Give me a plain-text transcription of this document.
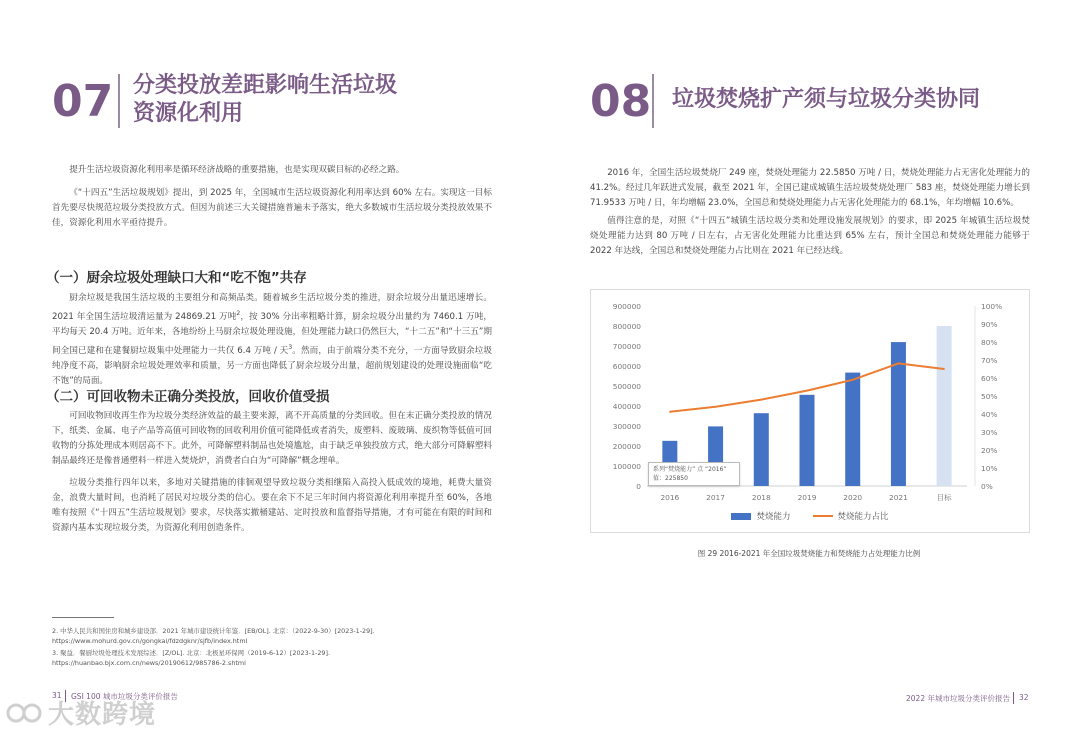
07 分类投放差距影响生活垃圾
资源化利用
提升生活垃圾资源化利用率是循环经济战略的重要措施，也是实现双碳目标的必经之路。
《“十四五”生活垃圾规划》提出，到 2025 年，全国城市生活垃圾资源化利用率达到 60% 左右。实现这一目标首先要尽快规范垃圾分类投放方式。但因为前述三大关键措施普遍未予落实，绝大多数城市生活垃圾分类投放效果不佳，资源化利用水平亟待提升。
（一）厨余垃圾处理缺口大和“吃不饱”共存
厨余垃圾是我国生活垃圾的主要组分和高频品类。随着城乡生活垃圾分类的推进，厨余垃圾分出量迅速增长。2021 年全国生活垃圾清运量为 24869.21 万吨$^2$，按 30% 分出率粗略计算，厨余垃圾分出量约为 7460.1 万吨，平均每天 20.4 万吨。近年来，各地纷纷上马厨余垃圾处理设施，但处理能力缺口仍然巨大，“十二五”和“十三五”期间全国已建和在建餐厨垃圾集中处理能力一共仅 6.4 万吨 / 天$^3$。然而，由于前端分类不充分，一方面导致厨余垃圾纯净度不高，影响厨余垃圾处理效率和质量，另一方面也降低了厨余垃圾分出量，超前规划建设的处理设施面临“吃不饱”的局面。
（二）可回收物未正确分类投放，回收价值受损
可回收物回收再生作为垃圾分类经济效益的最主要来源，离不开高质量的分类回收。但在末正确分类投放的情况下，纸类、金属、电子产品等高值可回收物的回收利用价值可能降低或者消失，废塑料、废玻璃、废织物等低值可回收物的分拣处理成本则居高不下。此外，可降解塑料制品也处境尴尬，由于缺乏单独投放方式，绝大部分可降解塑料制品最终还是像普通塑料一样进入焚烧炉，消费者白白为“可降解”概念埋单。
垃圾分类推行四年以来，多地对关键措施的徘徊观望导致垃圾分类相继陷入高投入低成效的境地，耗费大量资金，浪费大量时间，也消耗了居民对垃圾分类的信心。要在余下不足三年时间内将资源化利用率提升至 60%，各地唯有按照《“十四五”生活垃圾规划》要求，尽快落实撤桶建站、定时投放和监督指导措施，才有可能在有限的时间和资源内基本实现垃圾分类，为资源化利用创造条件。
2. 中华人民共和国住房和城乡建设部．2021 年城市建设统计年鉴．[EB/OL]. 北京：（2022-9-30）[2023-1-29]. https://www.mohurd.gov.cn/gongkai/fdzdgknr/sjfb/index.html
3. 聚益．餐厨垃圾处理技术发展综述．[Z/OL]. 北京：北极星环保网（2019-6-12）[2023-1-29]. https://huanbao.bjx.com.cn/news/20190612/985786-2.shtml
31 GSI 100 城市垃圾分类评价报告
大数跨境
08 垃圾焚烧扩产须与垃圾分类协同
2016 年，全国生活垃圾焚烧厂 249 座，焚烧处理能力 22.5850 万吨 / 日，焚烧处理能力占无害化处理能力的 41.2%。经过几年跃进式发展，截至 2021 年，全国已建成城镇生活垃圾焚烧处理厂 583 座，焚烧处理能力增长到 71.9533 万吨 / 日，年均增幅 23.0%，全国总和焚烧处理能力占无害化处理能力的 68.1%，年均增幅 10.6%。
值得注意的是，对照《“十四五”城镇生活垃圾分类和处理设施发展规划》的要求，即 2025 年城镇生活垃圾焚烧处理能力达到 80 万吨 / 日左右，占无害化处理能力比重达到 65% 左右，预计全国总和焚烧处理能力能够于 2022 年达线，全国总和焚烧处理能力占比则在 2021 年已经达线。
900000
800000
700000
600000
500000
400000
300000
200000
100000
0
100%
90%
80%
70%
60%
50%
40%
30%
20%
10%
0%
2016	2017	2018	2019	2020	2021	目标
系列“焚烧能力” 点 “2016”
值：225850
焚烧能力	焚烧能力占比
图 29 2016-2021 年全国垃圾焚烧能力和焚烧能力占处理能力比例
2022 年城市垃圾分类评价报告 32
